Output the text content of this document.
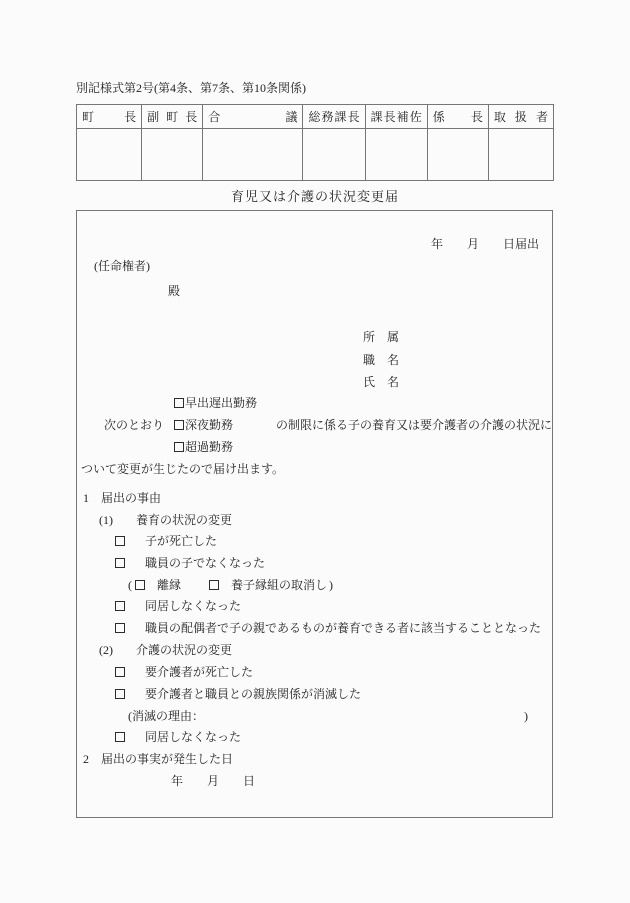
別記様式第2号(第4条、第7条、第10条関係)
町長	副町長	合議	総務課長	課長補佐	係長	取扱者

育児又は介護の状況変更届
年　　月　　日届出
(任命権者)
殿
所　属
職　名
氏　名
早出遅出勤務
次のとおり 深夜勤務	の制限に係る子の養育又は要介護者の介護の状況に
超過勤務
ついて変更が生じたので届け出ます。
1 届出の事由
(1) 養育の状況の変更
子が死亡した
職員の子でなくなった
( 離縁	養子縁組の取消し )
同居しなくなった
職員の配偶者で子の親であるものが養育できる者に該当することとなった
(2) 介護の状況の変更
要介護者が死亡した
要介護者と職員との親族関係が消滅した
(消滅の理由：	)
同居しなくなった
2 届出の事実が発生した日
年　　月　　日
